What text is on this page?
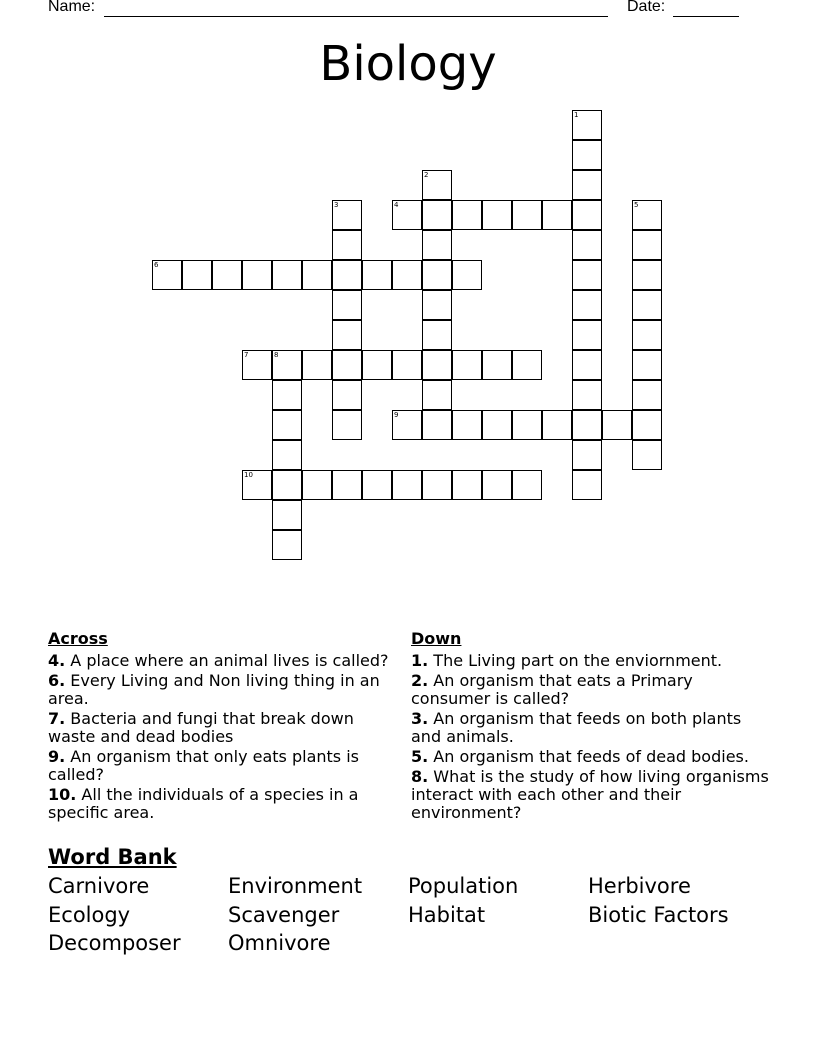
Name:	Date:
Biology
1
2
3	4	5
6
7	8
9
10
Across
4. A place where an animal lives is called?
6. Every Living and Non living thing in an area.
7. Bacteria and fungi that break down waste and dead bodies
9. An organism that only eats plants is called?
10. All the individuals of a species in a specific area.
Down
1. The Living part on the enviornment.
2. An organism that eats a Primary consumer is called?
3. An organism that feeds on both plants and animals.
5. An organism that feeds of dead bodies.
8. What is the study of how living organisms interact with each other and their environment?
Word Bank
Carnivore	Environment Population	Herbivore
Ecology	Scavenger	Habitat	Biotic Factors
Decomposer Omnivore
